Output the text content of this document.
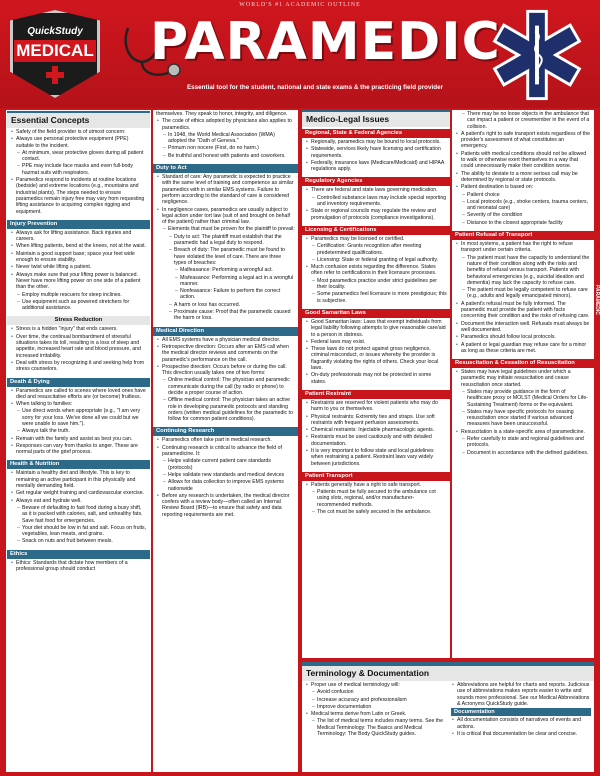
WORLD'S #1 ACADEMIC OUTLINE
QuickStudy
MEDICAL PARAMEDIC
Essential tool for the student, national and state exams & the practicing field provider
Essential Concepts
• Safety of the field provider is of utmost concern:
• Always use personal protective equipment (PPE) suitable to the incident.
– At minimum, wear protective gloves during all patient contact.
– PPE may include face masks and even full-body hazmat suits with respirators.
• Paramedics respond to incidents at routine locations (bedside) and extreme locations (e.g., mountains and industrial plants). The steps needed to ensure paramedics remain injury free may vary from requesting lifting assistance to acquiring complex rigging and equipment.
Injury Prevention
• Always ask for lifting assistance. Back injuries and careers.
• When lifting patients, bend at the knees, not at the waist.
• Maintain a good support base; space your feet wide enough to ensure stability.
• Never twist while lifting a patient.
• Always make sure that your lifting power is balanced. Never have more lifting power on one side of a patient than the other.
– Employ multiple rescuers for steep inclines.
– Use equipment such as powered stretchers for additional assistance.
Stress Reduction
• Stress is a hidden "injury" that ends careers.
• Over time, the continual bombardment of stressful situations takes its toll, resulting in a loss of sleep and appetite, increased heart rate and blood pressure, and increased irritability.
• Deal with stress by recognizing it and seeking help from stress counselors.
Death & Dying
• Paramedics are called to scenes where loved ones have died and resuscitative efforts are (or become) fruitless.
• When talking to families:
– Use direct words when appropriate (e.g., "I am very sorry for your loss. We've done all we could but we were unable to save him.").
– Always talk the truth.
• Remain with the family and assist as best you can.
• Responses can vary from thanks to anger. These are normal parts of the grief process.
Health & Nutrition
• Maintain a healthy diet and lifestyle. This is key to remaining an active participant in this physically and mentally demanding field.
• Get regular weight training and cardiovascular exercise.
• Always eat and hydrate well.
– Beware of defaulting to fast food during a busy shift, as it is packed with calories, salt, and unhealthy fats. Save fast food for emergencies.
– Your diet should be low in fat and salt. Focus on fruits, vegetables, lean meats, and grains.
– Snack on nuts and fruit between meals.
Ethics
• Ethics: Standards that dictate how members of a professional group should conduct

themselves. They speak to honor, integrity, and diligence.

• The code of ethics adopted by physicians also applies to paramedics.
– In 1948, the World Medical Association (WMA) adopted the "Oath of Geneva."
– Primum non nocere (First, do no harm.)
– Be truthful and honest with patients and coworkers.
Duty to Act
• Standard of care: Any paramedic is expected to practice with the same level of training and competence as similar paramedics with in similar EMS systems. Failure to perform according to the standard of care is considered negligence.
• In negligence cases, paramedics are usually subject to legal action under tort law (suit of and brought on behalf of the patient) rather than criminal law.
– Elements that must be proven for the plaintiff to prevail:
– Duty to act: The plaintiff must establish that the paramedic had a legal duty to respond.
– Breach of duty: The paramedic must be found to have violated the level of care. There are three types of breaches:
– Malfeasance: Performing a wrongful act.
– Misfeasance: Performing a legal act in a wrongful manner.
– Nonfeasance: Failure to perform the correct action.
– A harm or loss has occurred.
– Proximate cause: Proof that the paramedic caused the harm or loss.
Medical Direction
• All EMS systems have a physician medical director.
• Retrospective direction: Occurs after an EMS call when the medical director reviews and comments on the paramedic's performance on the call.
• Prospective direction: Occurs before or during the call. This direction usually takes one of two forms:
– Online medical control: The physician and paramedic communicate during the call (by radio or phone) to decide a proper course of action.
– Offline medical control: The physician takes an active role in developing paramedic protocols and standing orders (written medical guidelines for the paramedic to follow for common patient conditions).
Continuing Research
• Paramedics often take part in medical research.
• Continuing research is critical to advance the field of paramedicine. It:
– Helps validate current patient care standards (protocols)
– Helps validate new standards and medical devices
– Allows for data collection to improve EMS systems nationwide
• Before any research is undertaken, the medical director confers with a review body—often called an Internal Review Board (IRB)—to ensure that safety and data reporting requirements are met.
Medico-Legal Issues
Regional, State & Federal Agencies
• Regionally, paramedics may be bound to local protocols.
• Statewide, services likely have licensing and certification requirements.
• Federally, insurance laws (Medicare/Medicaid) and HIPAA regulations apply.
Regulatory Agencies
• There are federal and state laws governing medication.
– Controlled substance laws may include special reporting and inventory requirements.
• State or regional councils may regulate the review and promulgation of protocols (compliance investigations).
Licensing & Certifications
• Paramedics may be licensed or certified.
– Certification: Grants recognition after meeting predetermined qualifications.
– Licensing: State or federal granting of legal authority.
• Much confusion exists regarding the difference. States often refer to certifications in their licensure processes.
– Most paramedics practice under strict guidelines per their locality.
– Some paramedics feel licensure is more prestigious; this is subjective.
Good Samaritan Laws
• Good Samaritan laws: Laws that exempt individuals from legal liability following attempts to give reasonable care/aid to a person in distress.
• Federal laws may exist.
• These laws do not protect against gross negligence, criminal misconduct, or issues whereby the provider is flagrantly violating the rights of others. Check your local laws.
• On-duty professionals may not be protected in some states.
Patient Restraint
• Restraints are reserved for violent patients who may do harm to you or themselves.
• Physical restraints: Extremity ties and straps. Use soft restraints with frequent perfusion assessments.
• Chemical restraints: Injectable pharmacologic agents.
• Restraints must be used cautiously and with detailed documentation.
• It is very important to follow state and local guidelines when restraining a patient. Restraint laws vary widely between jurisdictions.
Patient Transport
• Patients generally have a right to safe transport.
– Patients must be fully secured to the ambulance cot using slots, regional, and/or manufacturer-recommended methods.
– The cot must be safely secured in the ambulance.
– There may be no loose objects in the ambulance that can impact a patient or crewmember in the event of a collision.
• A patient's right to safe transport exists regardless of the provider's assessment of what constitutes an emergency.
• Patients with medical conditions should not be allowed to walk or otherwise exert themselves in a way that could unnecessarily make their condition worse.
• The ability to deviate to a more serious call may be determined by regional or state protocols.
• Patient destination is based on:
– Patient choice
– Local protocols (e.g., stroke centers, trauma centers, and neonatal care)
– Severity of the condition
– Distance to the closest appropriate facility
Patient Refusal of Transport
• In most systems, a patient has the right to refuse transport under certain criteria.
– The patient must have the capacity to understand the nature of their condition along with the risks and benefits of refusal versus transport. Patients with behavioral emergencies (e.g., suicidal ideation and dementia) may lack the capacity to refuse care.
– The patient must be legally competent to refuse care (e.g., adults and legally emancipated minors).
• A patient's refusal must be fully informed. The paramedic must provide the patient with facts concerning their condition and the risks of refusing care.
• Document the interaction well. Refusals must always be well documented.
• Paramedics should follow local protocols.
• A patient or legal guardian may refuse care for a minor as long as these criteria are met.
Resuscitation & Cessation of Resuscitation
• States may have legal guidelines under which a paramedic may initiate resuscitation and cease resuscitation once started.
– States may provide guidance in the form of healthcare proxy or MOLST (Medical Orders for Life-Sustaining Treatment) forms or the equivalent.
– States may have specific protocols for ceasing resuscitation once started if various advanced measures have been unsuccessful.
• Resuscitation is a state-specific area of paramedicine.
– Refer carefully to state and regional guidelines and protocols.
– Document in accordance with the defined guidelines.
PARAMEDIC
Terminology & Documentation
• Proper use of medical terminology will:
– Avoid confusion
– Increase accuracy and professionalism
– Improve documentation
• Medical terms derive from Latin or Greek.
– The list of medical terms includes many terms. See the Medical Terminology: The Basics and Medical Terminology: The Body QuickStudy guides.
• Abbreviations are helpful for charts and reports. Judicious use of abbreviations makes reports easier to write and sounds more professional. See our Medical Abbreviations & Acronyms QuickStudy guide.
Documentation
• All documentation consists of narratives of events and actions.
• It is critical that documentation be clear and concise.
